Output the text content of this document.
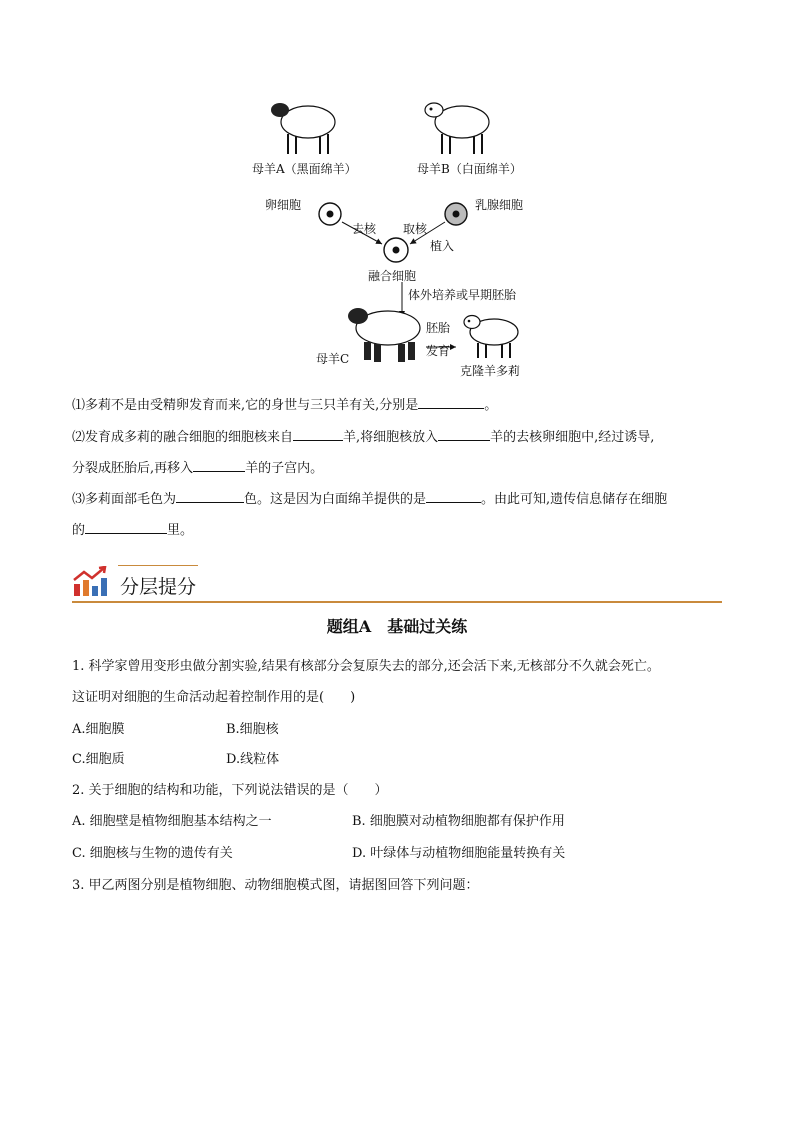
母羊A（黑面绵羊）	母羊B（白面绵羊）
卵细胞	乳腺细胞
去核 取核
植入
融合细胞
体外培养或早期胚胎
母羊C
胚胎
发育
克隆羊多莉
⑴多莉不是由受精卵发育而来,它的身世与三只羊有关,分别是	。
⑵发育成多莉的融合细胞的细胞核来自	羊,将细胞核放入	羊的去核卵细胞中,经过诱导,
分裂成胚胎后,再移入	羊的子宫内。
⑶多莉面部毛色为	色。这是因为白面绵羊提供的是	。由此可知,遗传信息储存在细胞
的	里。
分层提分
题组A　基础过关练
1. 科学家曾用变形虫做分割实验,结果有核部分会复原失去的部分,还会活下来,无核部分不久就会死亡。
这证明对细胞的生命活动起着控制作用的是(　　)
A.细胞膜	B.细胞核
C.细胞质	D.线粒体
2. 关于细胞的结构和功能，下列说法错误的是（　　）
A. 细胞壁是植物细胞基本结构之一	B. 细胞膜对动植物细胞都有保护作用
C. 细胞核与生物的遗传有关	D. 叶绿体与动植物细胞能量转换有关
3. 甲乙两图分别是植物细胞、动物细胞模式图，请据图回答下列问题：
